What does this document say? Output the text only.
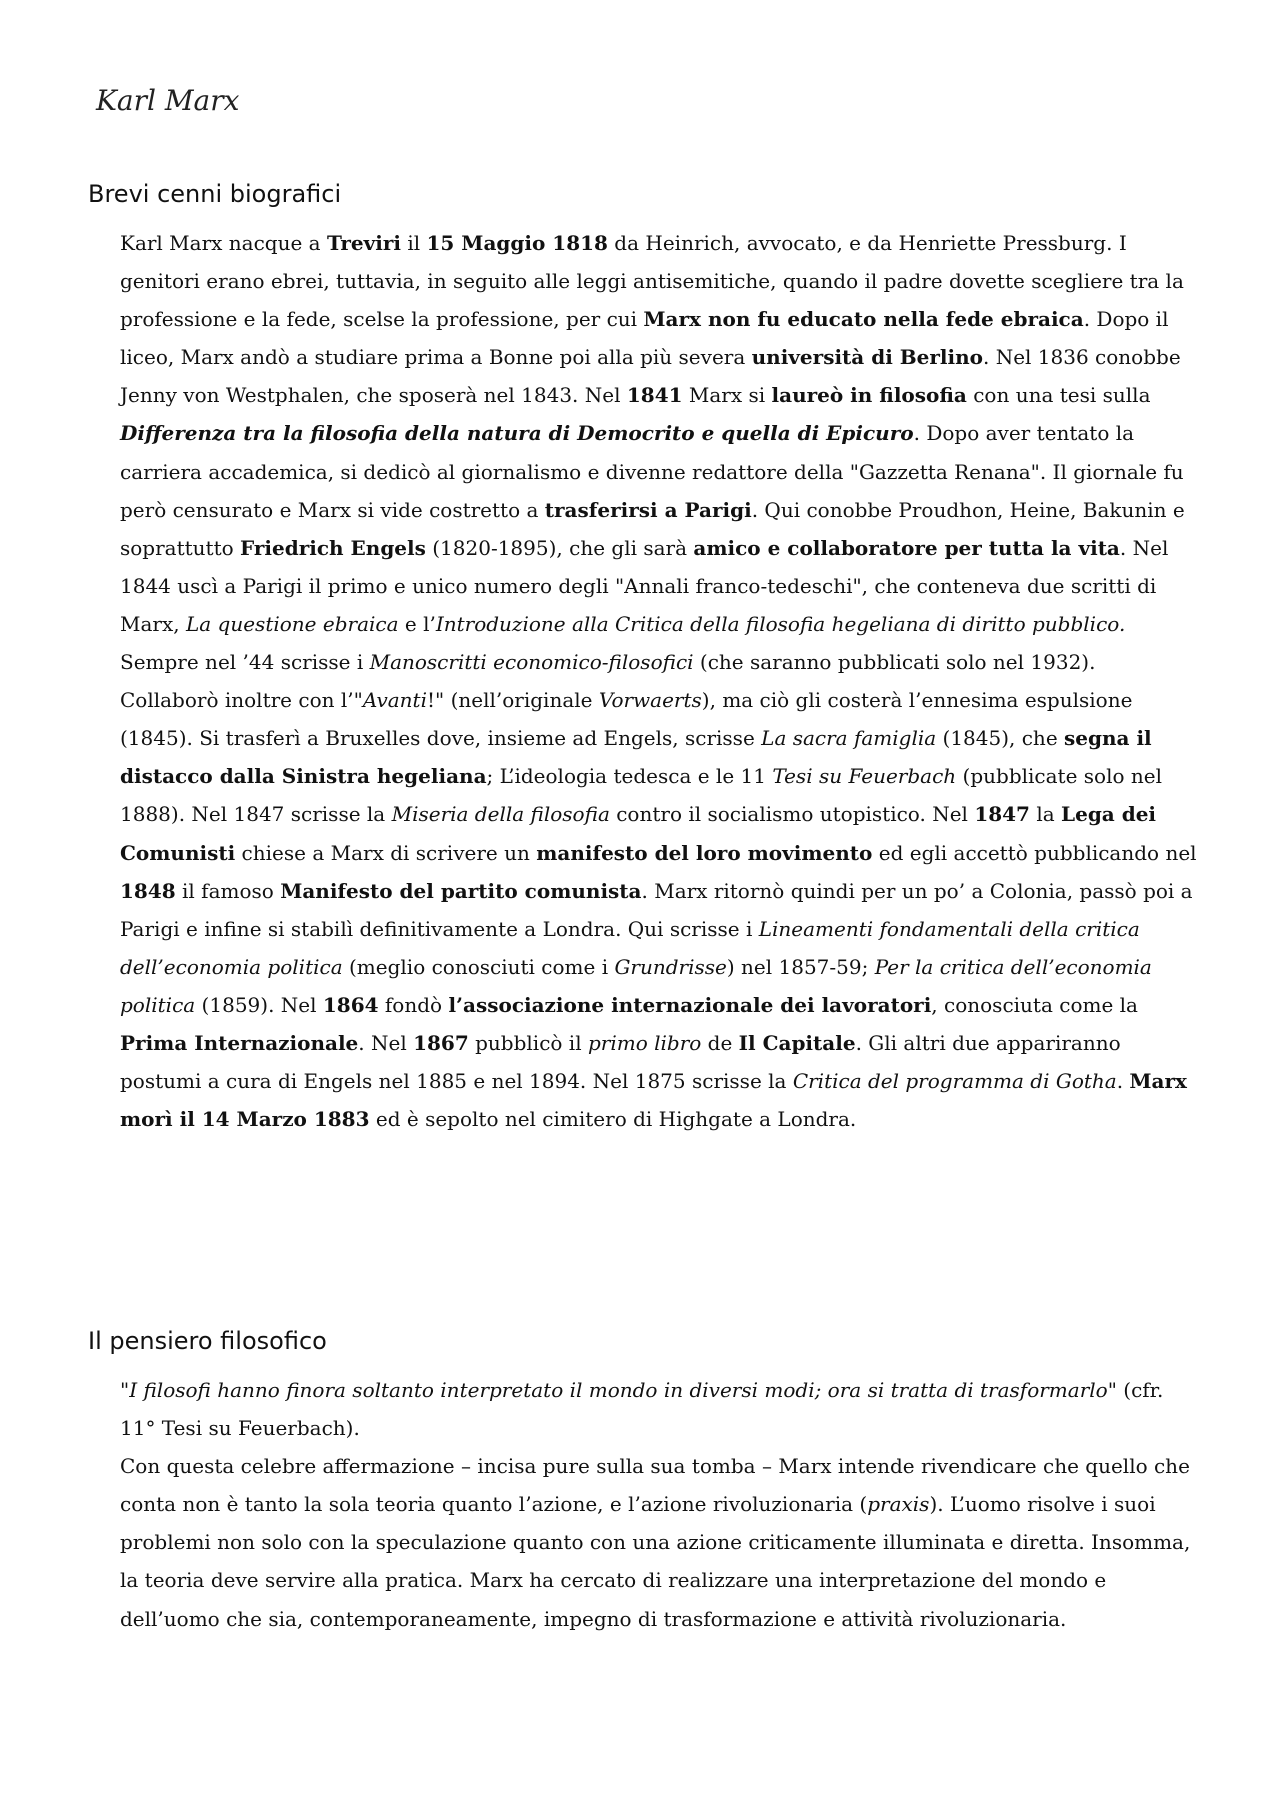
Karl Marx
Brevi cenni biografici

Karl Marx nacque a Treviri il 15 Maggio 1818 da Heinrich, avvocato, e da Henriette Pressburg. I genitori erano ebrei, tuttavia, in seguito alle leggi antisemitiche, quando il padre dovette scegliere tra la professione e la fede, scelse la professione, per cui Marx non fu educato nella fede ebraica. Dopo il liceo, Marx andò a studiare prima a Bonne poi alla più severa università di Berlino. Nel 1836 conobbe Jenny von Westphalen, che sposerà nel 1843. Nel 1841 Marx si laureò in filosofia con una tesi sulla Differenza tra la filosofia della natura di Democrito e quella di Epicuro. Dopo aver tentato la carriera accademica, si dedicò al giornalismo e divenne redattore della "Gazzetta Renana". Il giornale fu però censurato e Marx si vide costretto a trasferirsi a Parigi. Qui conobbe Proudhon, Heine, Bakunin e soprattutto Friedrich Engels (1820-1895), che gli sarà amico e collaboratore per tutta la vita. Nel 1844 uscì a Parigi il primo e unico numero degli "Annali franco-tedeschi", che conteneva due scritti di Marx, La questione ebraica e l’Introduzione alla Critica della filosofia hegeliana di diritto pubblico. Sempre nel ’44 scrisse i Manoscritti economico-filosofici (che saranno pubblicati solo nel 1932). Collaborò inoltre con l’"Avanti!" (nell’originale Vorwaerts), ma ciò gli costerà l’ennesima espulsione (1845). Si trasferì a Bruxelles dove, insieme ad Engels, scrisse La sacra famiglia (1845), che segna il distacco dalla Sinistra hegeliana; L’ideologia tedesca e le 11 Tesi su Feuerbach (pubblicate solo nel 1888). Nel 1847 scrisse la Miseria della filosofia contro il socialismo utopistico. Nel 1847 la Lega dei Comunisti chiese a Marx di scrivere un manifesto del loro movimento ed egli accettò pubblicando nel 1848 il famoso Manifesto del partito comunista. Marx ritornò quindi per un po’ a Colonia, passò poi a Parigi e infine si stabilì definitivamente a Londra. Qui scrisse i Lineamenti fondamentali della critica dell’economia politica (meglio conosciuti come i Grundrisse) nel 1857-59; Per la critica dell’economia politica (1859). Nel 1864 fondò l’associazione internazionale dei lavoratori, conosciuta come la Prima Internazionale. Nel 1867 pubblicò il primo libro de Il Capitale. Gli altri due appariranno postumi a cura di Engels nel 1885 e nel 1894. Nel 1875 scrisse la Critica del programma di Gotha. Marx morì il 14 Marzo 1883 ed è sepolto nel cimitero di Highgate a Londra.

Il pensiero filosofico

"I filosofi hanno finora soltanto interpretato il mondo in diversi modi; ora si tratta di trasformarlo" (cfr. 11° Tesi su Feuerbach).

Con questa celebre affermazione – incisa pure sulla sua tomba – Marx intende rivendicare che quello che conta non è tanto la sola teoria quanto l’azione, e l’azione rivoluzionaria (praxis). L’uomo risolve i suoi problemi non solo con la speculazione quanto con una azione criticamente illuminata e diretta. Insomma, la teoria deve servire alla pratica. Marx ha cercato di realizzare una interpretazione del mondo e dell’uomo che sia, contemporaneamente, impegno di trasformazione e attività rivoluzionaria.
